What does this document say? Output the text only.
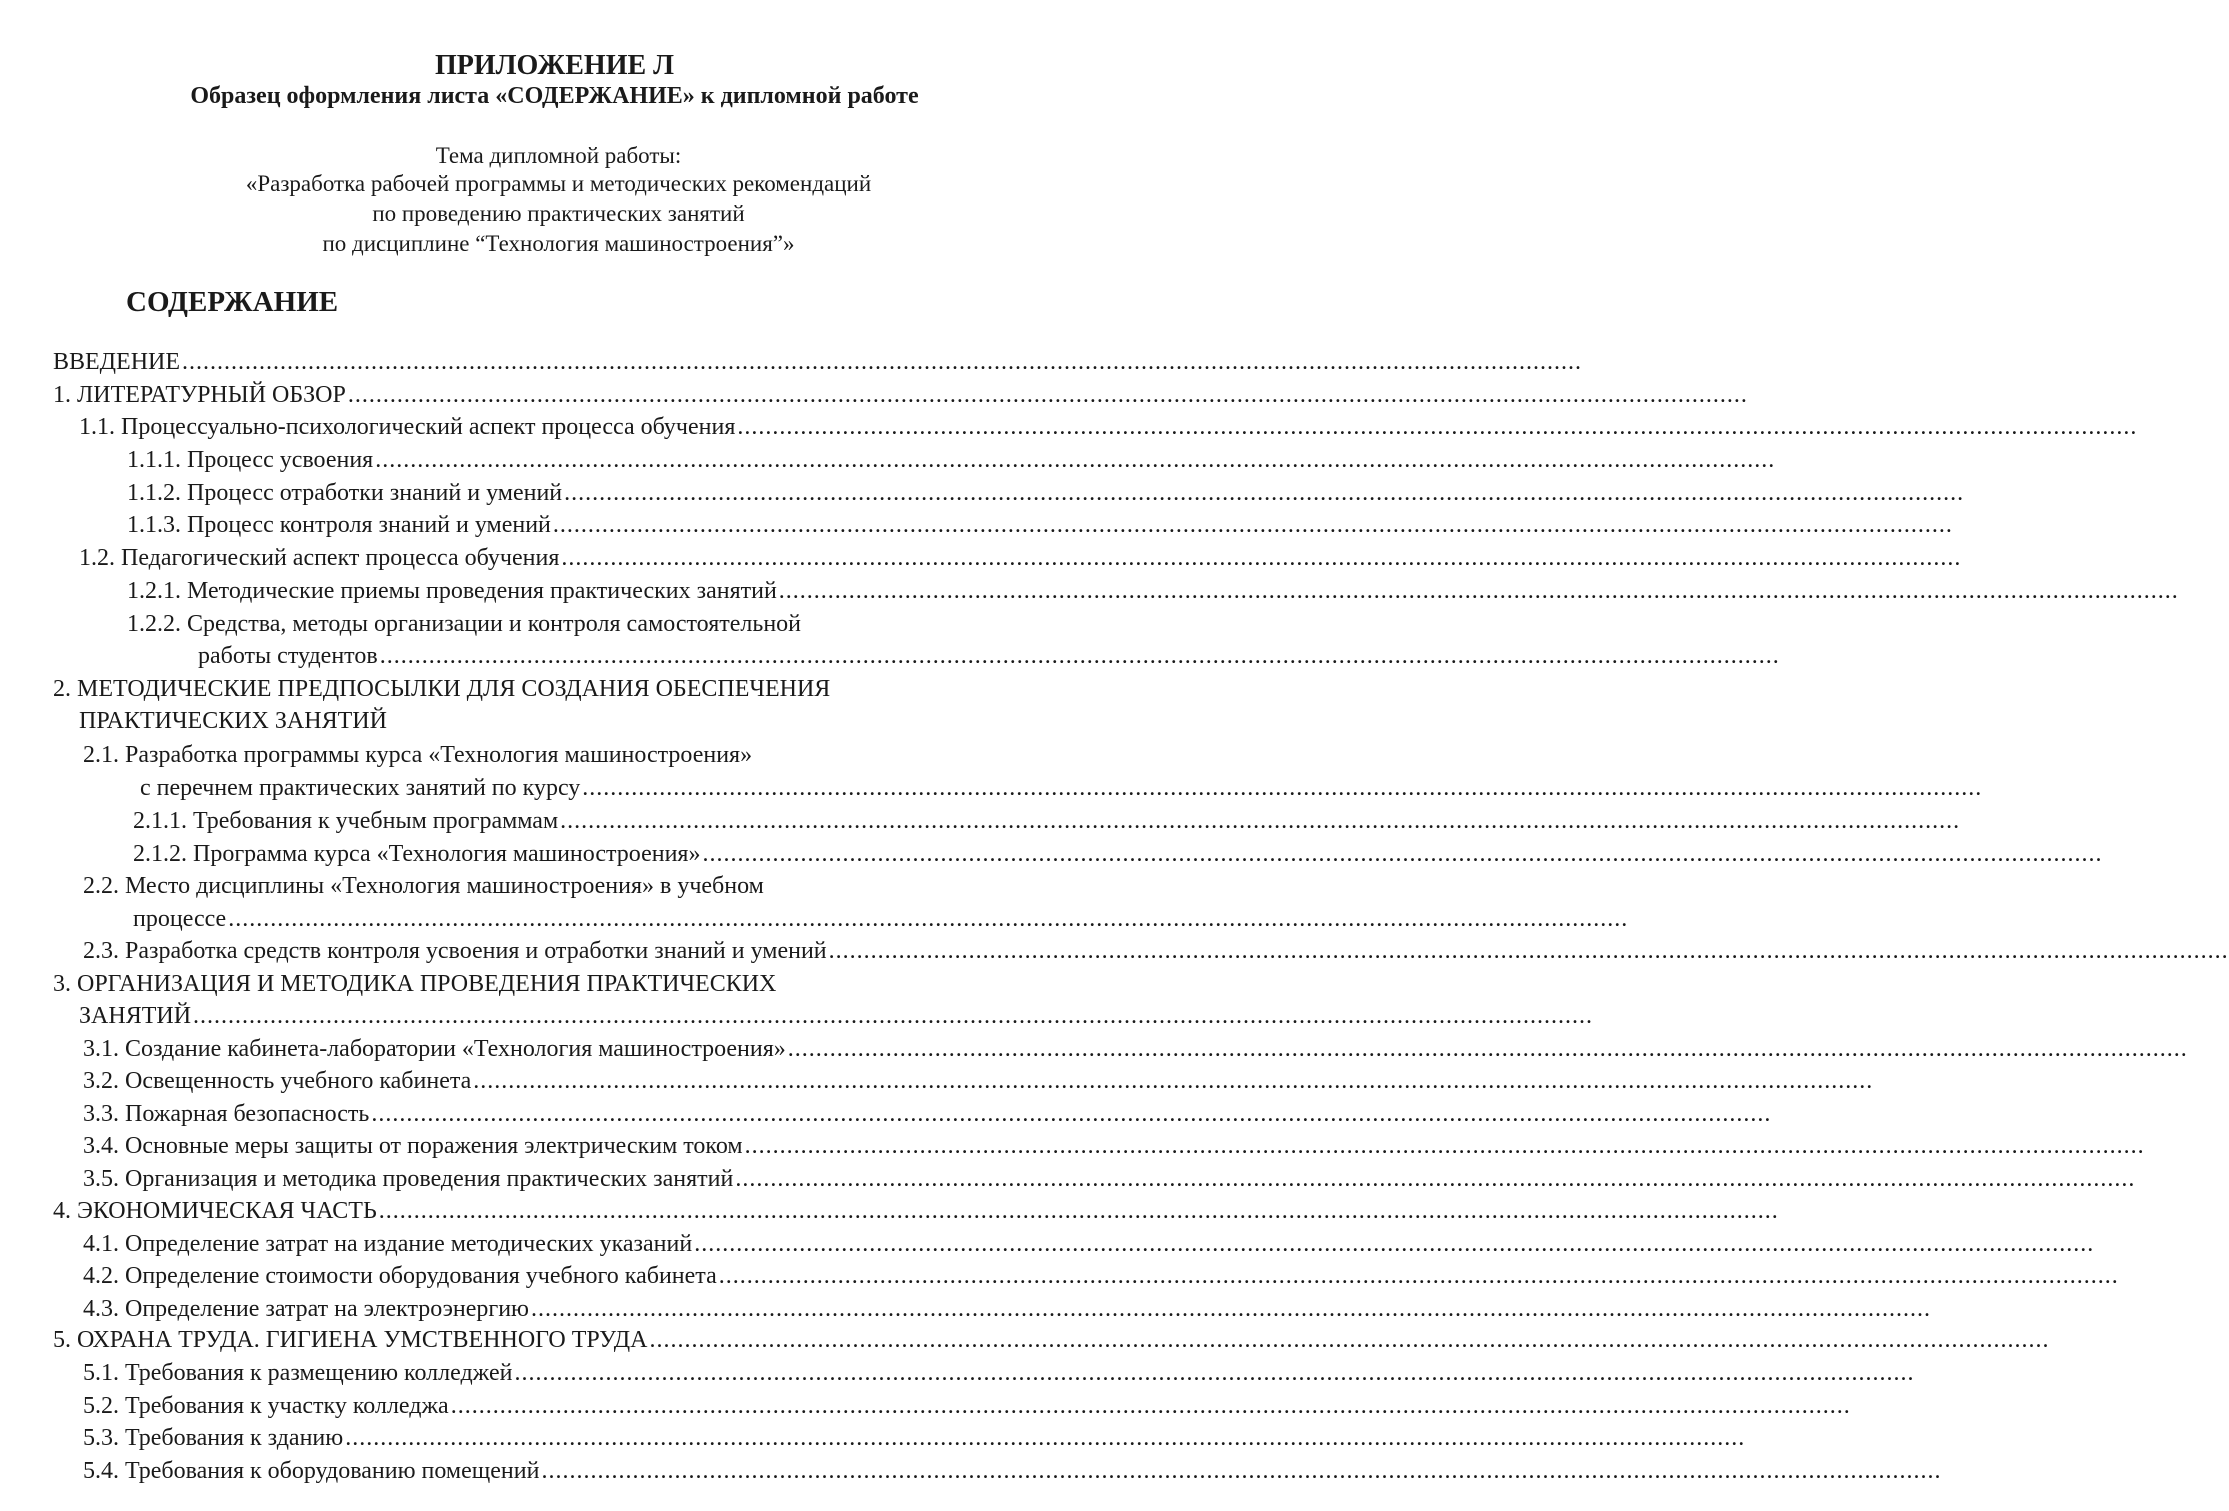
ПРИЛОЖЕНИЕ Л
Образец оформления листа «СОДЕРЖАНИЕ» к дипломной работе
Тема дипломной работы:
«Разработка рабочей программы и методических рекомендаций
по проведению практических занятий
по дисциплине “Технология машиностроения”»
СОДЕРЖАНИЕ
ВВЕДЕНИЕ ........................................................................................................................................................................................................
1. ЛИТЕРАТУРНЫЙ ОБЗОР ........................................................................................................................................................................................................
1.1. Процессуально-психологический аспект процесса обучения ........................................................................................................................................................................................................
1.1.1. Процесс усвоения ........................................................................................................................................................................................................
1.1.2. Процесс отработки знаний и умений ........................................................................................................................................................................................................
1.1.3. Процесс контроля знаний и умений ........................................................................................................................................................................................................
1.2. Педагогический аспект процесса обучения ........................................................................................................................................................................................................
1.2.1. Методические приемы проведения практических занятий ........................................................................................................................................................................................................
1.2.2. Средства, методы организации и контроля самостоятельной
работы студентов ........................................................................................................................................................................................................
2. МЕТОДИЧЕСКИЕ ПРЕДПОСЫЛКИ ДЛЯ СОЗДАНИЯ ОБЕСПЕЧЕНИЯ
ПРАКТИЧЕСКИХ ЗАНЯТИЙ
2.1. Разработка программы курса «Технология машиностроения»
с перечнем практических занятий по курсу ........................................................................................................................................................................................................
2.1.1. Требования к учебным программам ........................................................................................................................................................................................................
2.1.2. Программа курса «Технология машиностроения» ........................................................................................................................................................................................................
2.2. Место дисциплины «Технология машиностроения» в учебном
процессе ........................................................................................................................................................................................................
2.3. Разработка средств контроля усвоения и отработки знаний и умений ........................................................................................................................................................................................................
3. ОРГАНИЗАЦИЯ И МЕТОДИКА ПРОВЕДЕНИЯ ПРАКТИЧЕСКИХ
ЗАНЯТИЙ ........................................................................................................................................................................................................
3.1. Создание кабинета-лаборатории «Технология машиностроения» ........................................................................................................................................................................................................
3.2. Освещенность учебного кабинета ........................................................................................................................................................................................................
3.3. Пожарная безопасность ........................................................................................................................................................................................................
3.4. Основные меры защиты от поражения электрическим током ........................................................................................................................................................................................................
3.5. Организация и методика проведения практических занятий ........................................................................................................................................................................................................
4. ЭКОНОМИЧЕСКАЯ ЧАСТЬ ........................................................................................................................................................................................................
4.1. Определение затрат на издание методических указаний ........................................................................................................................................................................................................
4.2. Определение стоимости оборудования учебного кабинета ........................................................................................................................................................................................................
4.3. Определение затрат на электроэнергию ........................................................................................................................................................................................................
5. ОХРАНА ТРУДА. ГИГИЕНА УМСТВЕННОГО ТРУДА ........................................................................................................................................................................................................
5.1. Требования к размещению колледжей ........................................................................................................................................................................................................
5.2. Требования к участку колледжа ........................................................................................................................................................................................................
5.3. Требования к зданию ........................................................................................................................................................................................................
5.4. Требования к оборудованию помещений ........................................................................................................................................................................................................
